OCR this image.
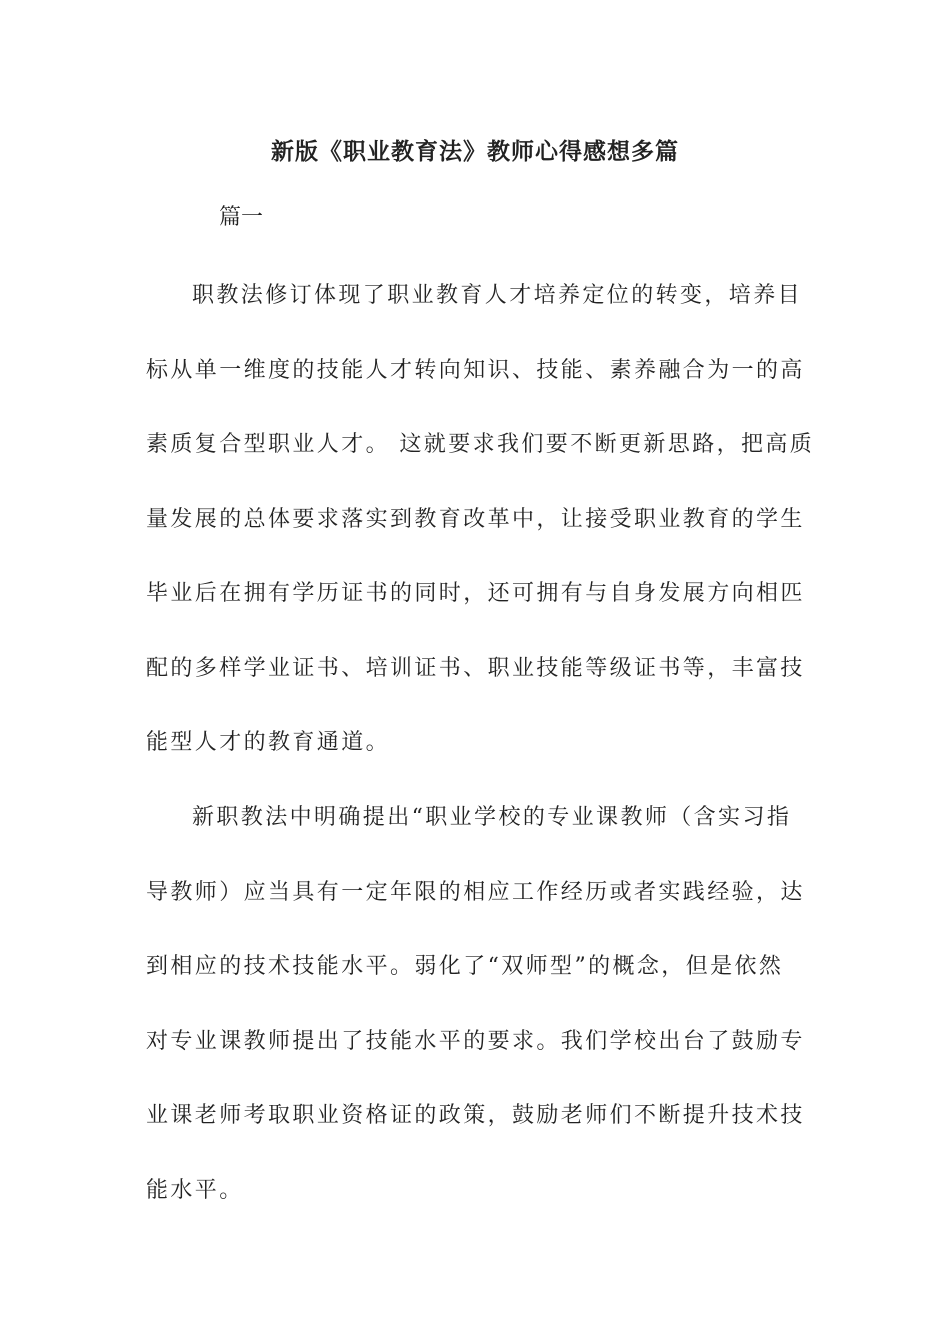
新版《职业教育法》教师心得感想多篇

篇一

职教法修订体现了职业教育人才培养定位的转变，培养目
标从单一维度的技能人才转向知识、技能、素养融合为一的高
素质复合型职业人才。 这就要求我们要不断更新思路，把高质
量发展的总体要求落实到教育改革中，让接受职业教育的学生
毕业后在拥有学历证书的同时，还可拥有与自身发展方向相匹
配的多样学业证书、培训证书、职业技能等级证书等，丰富技
能型人才的教育通道。
新职教法中明确提出“职业学校的专业课教师（含实习指
导教师）应当具有一定年限的相应工作经历或者实践经验，达
到相应的技术技能水平。弱化了“双师型”的概念，但是依然
对专业课教师提出了技能水平的要求。我们学校出台了鼓励专
业课老师考取职业资格证的政策，鼓励老师们不断提升技术技
能水平。
